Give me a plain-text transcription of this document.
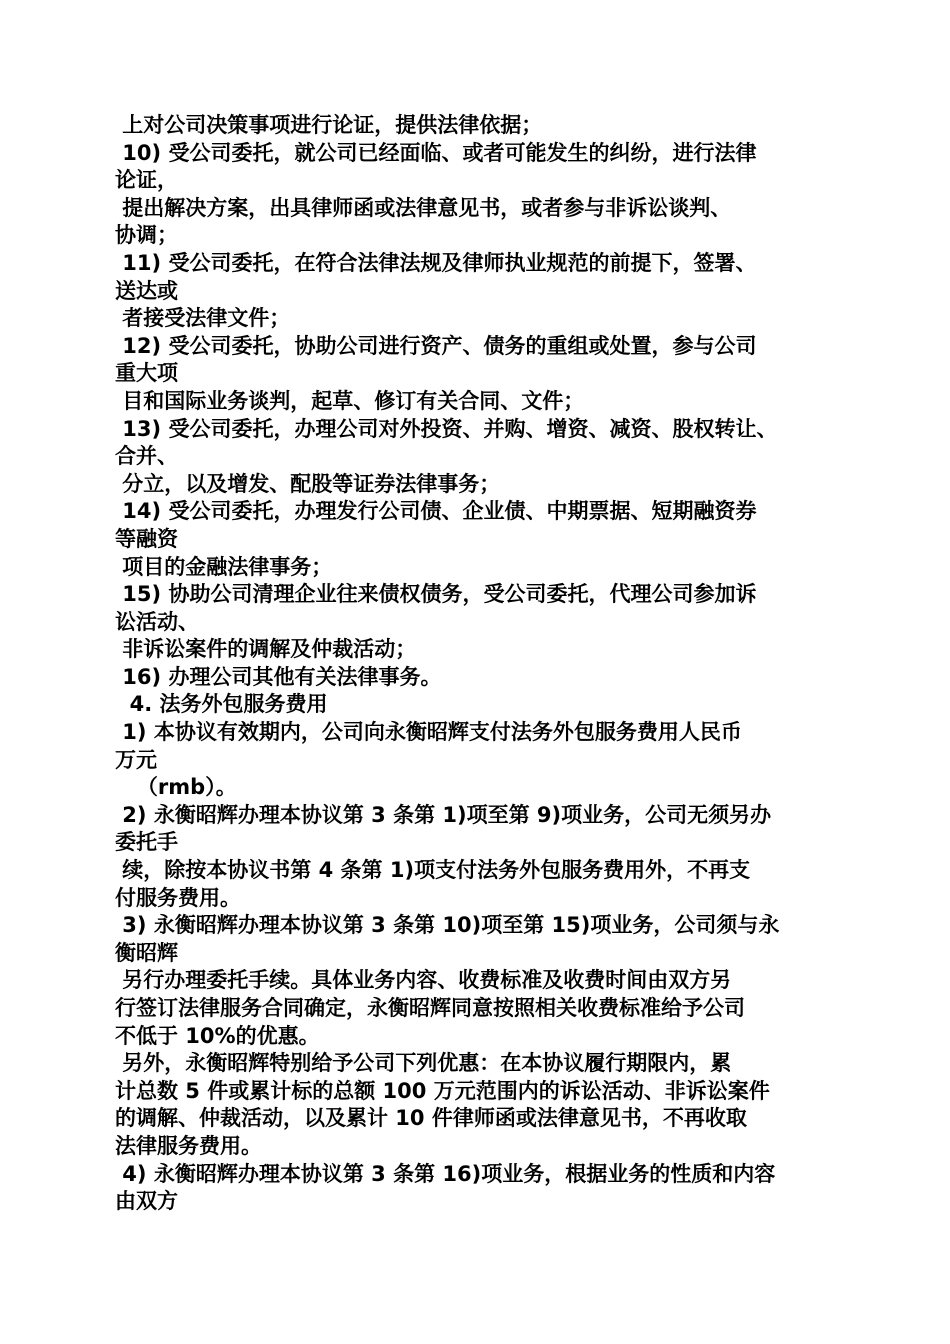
上对公司决策事项进行论证，提供法律依据；
10) 受公司委托，就公司已经面临、或者可能发生的纠纷，进行法律
论证，
提出解决方案，出具律师函或法律意见书，或者参与非诉讼谈判、
协调；
11) 受公司委托，在符合法律法规及律师执业规范的前提下，签署、
送达或
者接受法律文件；
12) 受公司委托，协助公司进行资产、债务的重组或处置，参与公司
重大项
目和国际业务谈判，起草、修订有关合同、文件；
13) 受公司委托，办理公司对外投资、并购、增资、减资、股权转让、
合并、
分立，以及增发、配股等证券法律事务；
14) 受公司委托，办理发行公司债、企业债、中期票据、短期融资券
等融资
项目的金融法律事务；
15) 协助公司清理企业往来债权债务，受公司委托，代理公司参加诉
讼活动、
非诉讼案件的调解及仲裁活动；
16) 办理公司其他有关法律事务。
4. 法务外包服务费用
1) 本协议有效期内，公司向永衡昭辉支付法务外包服务费用人民币
万元
（rmb）。
2) 永衡昭辉办理本协议第 3 条第 1)项至第 9)项业务，公司无须另办
委托手
续，除按本协议书第 4 条第 1)项支付法务外包服务费用外，不再支
付服务费用。
3) 永衡昭辉办理本协议第 3 条第 10)项至第 15)项业务，公司须与永
衡昭辉
另行办理委托手续。具体业务内容、收费标准及收费时间由双方另
行签订法律服务合同确定，永衡昭辉同意按照相关收费标准给予公司
不低于 10%的优惠。
另外，永衡昭辉特别给予公司下列优惠：在本协议履行期限内，累
计总数 5 件或累计标的总额 100 万元范围内的诉讼活动、非诉讼案件
的调解、仲裁活动，以及累计 10 件律师函或法律意见书，不再收取
法律服务费用。
4) 永衡昭辉办理本协议第 3 条第 16)项业务，根据业务的性质和内容
由双方
